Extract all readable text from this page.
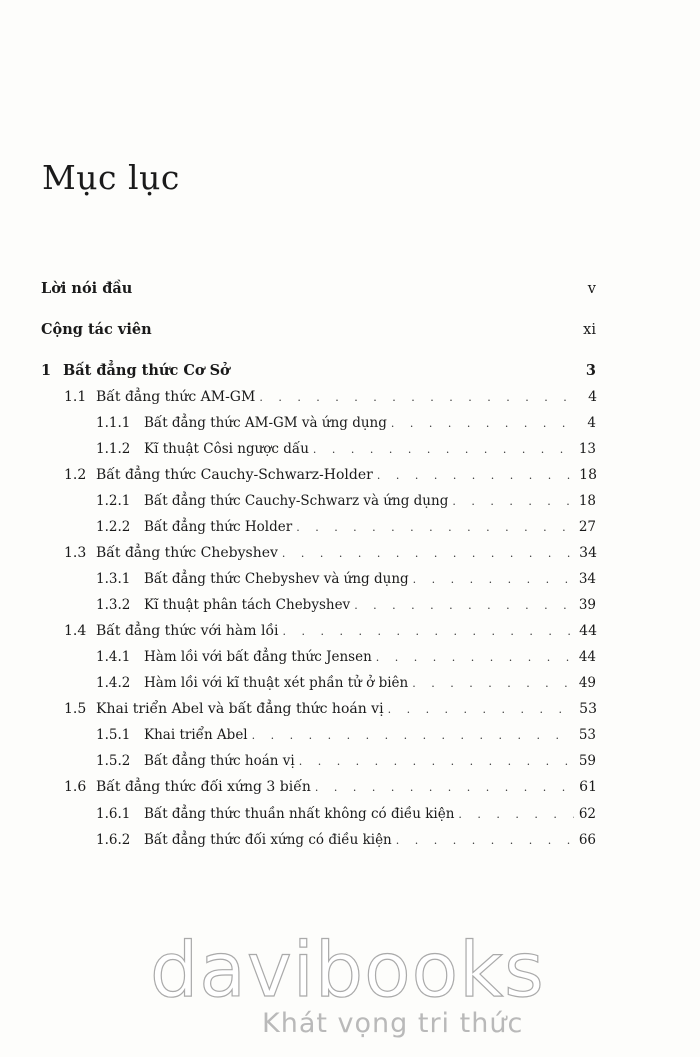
Mục lục
Lời nói đầu	v
Cộng tác viên	xi
1 Bất đẳng thức Cơ Sở	3
1.1 Bất đẳng thức AM-GM . . .	4
1.1.1	Bất đẳng thức AM-GM và ứng dụng . . .	4
1.1.2	Kĩ thuật Côsi ngược dấu . . .	13
1.2 Bất đẳng thức Cauchy-Schwarz-Holder . . .	18
1.2.1	Bất đẳng thức Cauchy-Schwarz và ứng dụng . . .	18
1.2.2	Bất đẳng thức Holder . . .	27
1.3 Bất đẳng thức Chebyshev . . .	34
1.3.1	Bất đẳng thức Chebyshev và ứng dụng . . .	34
1.3.2	Kĩ thuật phân tách Chebyshev . . .	39
1.4 Bất đẳng thức với hàm lồi . . .	44
1.4.1	Hàm lồi với bất đẳng thức Jensen . . .	44
1.4.2	Hàm lồi với kĩ thuật xét phần tử ở biên . . .	49
1.5 Khai triển Abel và bất đẳng thức hoán vị . . .	53
1.5.1	Khai triển Abel . . .	53
1.5.2	Bất đẳng thức hoán vị . . .	59
1.6 Bất đẳng thức đối xứng 3 biến . . .	61
1.6.1	Bất đẳng thức thuần nhất không có điều kiện . . .	62
1.6.2	Bất đẳng thức đối xứng có điều kiện . . .	66
davibooks
Khát vọng tri thức
